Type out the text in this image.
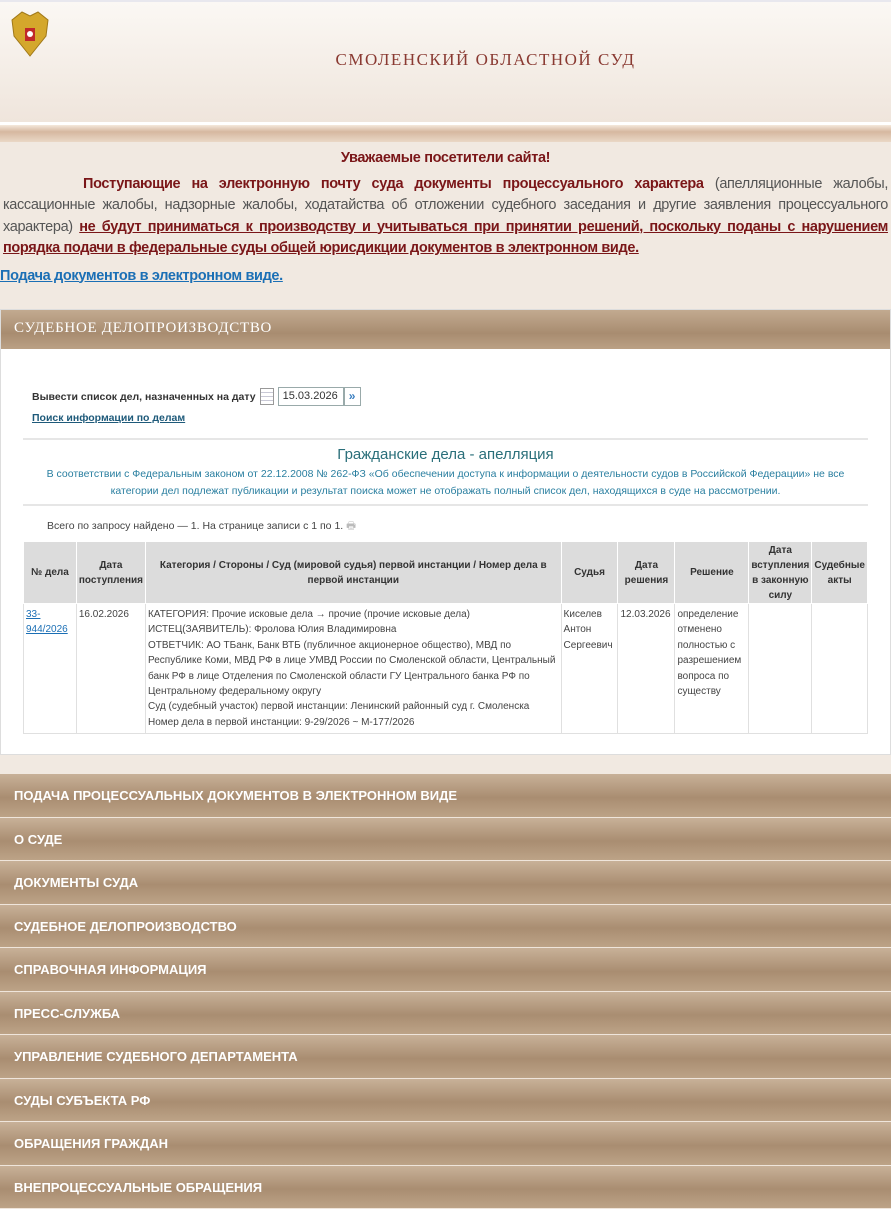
СМОЛЕНСКИЙ ОБЛАСТНОЙ СУД
Уважаемые посетители сайта!

Поступающие на электронную почту суда документы процессуального характера (апелляционные жалобы, кассационные жалобы, надзорные жалобы, ходатайства об отложении судебного заседания и другие заявления процессуального характера) не будут приниматься к производству и учитываться при принятии решений, поскольку поданы с нарушением порядка подачи в федеральные суды общей юрисдикции документов в электронном виде.

Подача документов в электронном виде.
СУДЕБНОЕ ДЕЛОПРОИЗВОДСТВО
Вывести список дел, назначенных на дату	15.03.2026 »
Поиск информации по делам
Гражданские дела - апелляция
В соответствии с Федеральным законом от 22.12.2008 № 262-ФЗ «Об обеспечении доступа к информации о деятельности судов в Российской Федерации» не все категории дел подлежат публикации и результат поиска может не отображать полный список дел, находящихся в суде на рассмотрении.
Всего по запросу найдено — 1. На странице записи с 1 по 1. 🖶
№ дела	Дата поступления	Категория / Стороны / Суд (мировой судья) первой инстанции / Номер дела в первой инстанции	Судья	Дата решения	Решение	Дата вступления в законную силу	Судебные акты
33-944/2026	16.02.2026	КАТЕГОРИЯ: Прочие исковые дела → прочие (прочие исковые дела)
ИСТЕЦ(ЗАЯВИТЕЛЬ): Фролова Юлия Владимировна
ОТВЕТЧИК: АО ТБанк, Банк ВТБ (публичное акционерное общество), МВД по Республике Коми, МВД РФ в лице УМВД России по Смоленской области, Центральный банк РФ в лице Отделения по Смоленской области ГУ Центрального банка РФ по Центральному федеральному округу
Суд (судебный участок) первой инстанции: Ленинский районный суд г. Смоленска
Номер дела в первой инстанции: 9-29/2026 ~ М-177/2026	Киселев Антон Сергеевич	12.03.2026	определение отменено полностью с разрешением вопроса по существу		
ПОДАЧА ПРОЦЕССУАЛЬНЫХ ДОКУМЕНТОВ В ЭЛЕКТРОННОМ ВИДЕ
О СУДЕ
ДОКУМЕНТЫ СУДА
СУДЕБНОЕ ДЕЛОПРОИЗВОДСТВО
СПРАВОЧНАЯ ИНФОРМАЦИЯ
ПРЕСС-СЛУЖБА
УПРАВЛЕНИЕ СУДЕБНОГО ДЕПАРТАМЕНТА
СУДЫ СУБЪЕКТА РФ
ОБРАЩЕНИЯ ГРАЖДАН
ВНЕПРОЦЕССУАЛЬНЫЕ ОБРАЩЕНИЯ
